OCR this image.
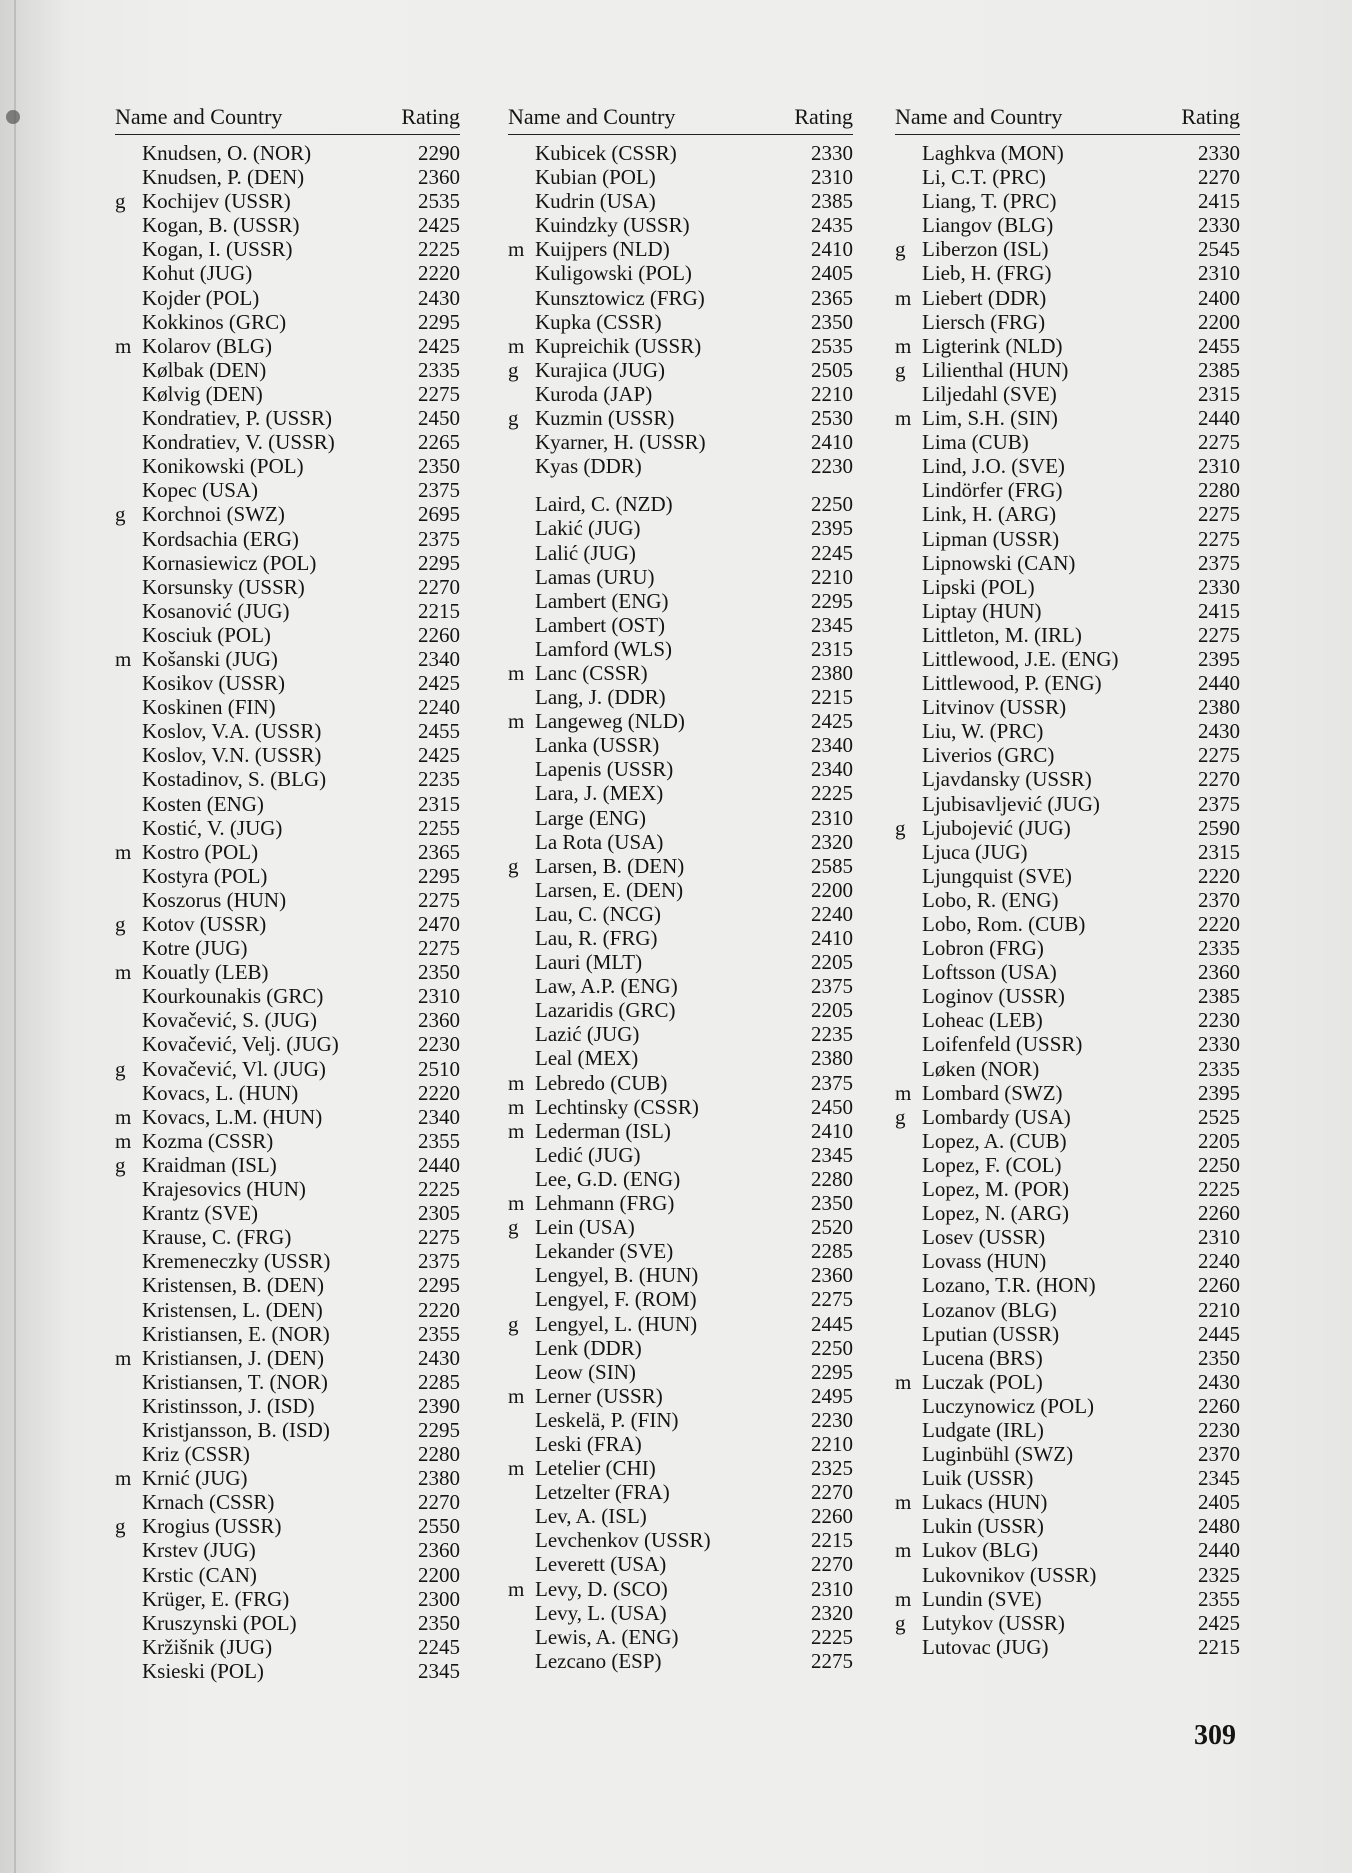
Name and Country	Rating
Knudsen, O. (NOR)	2290
Knudsen, P. (DEN)	2360
g Kochijev (USSR)	2535
Kogan, B. (USSR)	2425
Kogan, I. (USSR)	2225
Kohut (JUG)	2220
Kojder (POL)	2430
Kokkinos (GRC)	2295
m Kolarov (BLG)	2425
Kølbak (DEN)	2335
Kølvig (DEN)	2275
Kondratiev, P. (USSR)	2450
Kondratiev, V. (USSR)	2265
Konikowski (POL)	2350
Kopec (USA)	2375
g Korchnoi (SWZ)	2695
Kordsachia (ERG)	2375
Kornasiewicz (POL)	2295
Korsunsky (USSR)	2270
Kosanović (JUG)	2215
Kosciuk (POL)	2260
m Košanski (JUG)	2340
Kosikov (USSR)	2425
Koskinen (FIN)	2240
Koslov, V.A. (USSR)	2455
Koslov, V.N. (USSR)	2425
Kostadinov, S. (BLG)	2235
Kosten (ENG)	2315
Kostić, V. (JUG)	2255
m Kostro (POL)	2365
Kostyra (POL)	2295
Koszorus (HUN)	2275
g Kotov (USSR)	2470
Kotre (JUG)	2275
m Kouatly (LEB)	2350
Kourkounakis (GRC)	2310
Kovačević, S. (JUG)	2360
Kovačević, Velj. (JUG)	2230
g Kovačević, Vl. (JUG)	2510
Kovacs, L. (HUN)	2220
m Kovacs, L.M. (HUN)	2340
m Kozma (CSSR)	2355
g Kraidman (ISL)	2440
Krajesovics (HUN)	2225
Krantz (SVE)	2305
Krause, C. (FRG)	2275
Kremeneczky (USSR)	2375
Kristensen, B. (DEN)	2295
Kristensen, L. (DEN)	2220
Kristiansen, E. (NOR)	2355
m Kristiansen, J. (DEN)	2430
Kristiansen, T. (NOR)	2285
Kristinsson, J. (ISD)	2390
Kristjansson, B. (ISD)	2295
Kriz (CSSR)	2280
m Krnić (JUG)	2380
Krnach (CSSR)	2270
g Krogius (USSR)	2550
Krstev (JUG)	2360
Krstic (CAN)	2200
Krüger, E. (FRG)	2300
Kruszynski (POL)	2350
Kržišnik (JUG)	2245
Ksieski (POL)	2345
Name and Country	Rating
Kubicek (CSSR)	2330
Kubian (POL)	2310
Kudrin (USA)	2385
Kuindzky (USSR)	2435
m Kuijpers (NLD)	2410
Kuligowski (POL)	2405
Kunsztowicz (FRG)	2365
Kupka (CSSR)	2350
m Kupreichik (USSR)	2535
g Kurajica (JUG)	2505
Kuroda (JAP)	2210
g Kuzmin (USSR)	2530
Kyarner, H. (USSR)	2410
Kyas (DDR)	2230
Laird, C. (NZD)	2250
Lakić (JUG)	2395
Lalić (JUG)	2245
Lamas (URU)	2210
Lambert (ENG)	2295
Lambert (OST)	2345
Lamford (WLS)	2315
m Lanc (CSSR)	2380
Lang, J. (DDR)	2215
m Langeweg (NLD)	2425
Lanka (USSR)	2340
Lapenis (USSR)	2340
Lara, J. (MEX)	2225
Large (ENG)	2310
La Rota (USA)	2320
g Larsen, B. (DEN)	2585
Larsen, E. (DEN)	2200
Lau, C. (NCG)	2240
Lau, R. (FRG)	2410
Lauri (MLT)	2205
Law, A.P. (ENG)	2375
Lazaridis (GRC)	2205
Lazić (JUG)	2235
Leal (MEX)	2380
m Lebredo (CUB)	2375
m Lechtinsky (CSSR)	2450
m Lederman (ISL)	2410
Ledić (JUG)	2345
Lee, G.D. (ENG)	2280
m Lehmann (FRG)	2350
g Lein (USA)	2520
Lekander (SVE)	2285
Lengyel, B. (HUN)	2360
Lengyel, F. (ROM)	2275
g Lengyel, L. (HUN)	2445
Lenk (DDR)	2250
Leow (SIN)	2295
m Lerner (USSR)	2495
Leskelä, P. (FIN)	2230
Leski (FRA)	2210
m Letelier (CHI)	2325
Letzelter (FRA)	2270
Lev, A. (ISL)	2260
Levchenkov (USSR)	2215
Leverett (USA)	2270
m Levy, D. (SCO)	2310
Levy, L. (USA)	2320
Lewis, A. (ENG)	2225
Lezcano (ESP)	2275
Name and Country	Rating
Laghkva (MON)	2330
Li, C.T. (PRC)	2270
Liang, T. (PRC)	2415
Liangov (BLG)	2330
g Liberzon (ISL)	2545
Lieb, H. (FRG)	2310
m Liebert (DDR)	2400
Liersch (FRG)	2200
m Ligterink (NLD)	2455
g Lilienthal (HUN)	2385
Liljedahl (SVE)	2315
m Lim, S.H. (SIN)	2440
Lima (CUB)	2275
Lind, J.O. (SVE)	2310
Lindörfer (FRG)	2280
Link, H. (ARG)	2275
Lipman (USSR)	2275
Lipnowski (CAN)	2375
Lipski (POL)	2330
Liptay (HUN)	2415
Littleton, M. (IRL)	2275
Littlewood, J.E. (ENG)	2395
Littlewood, P. (ENG)	2440
Litvinov (USSR)	2380
Liu, W. (PRC)	2430
Liverios (GRC)	2275
Ljavdansky (USSR)	2270
Ljubisavljević (JUG)	2375
g Ljubojević (JUG)	2590
Ljuca (JUG)	2315
Ljungquist (SVE)	2220
Lobo, R. (ENG)	2370
Lobo, Rom. (CUB)	2220
Lobron (FRG)	2335
Loftsson (USA)	2360
Loginov (USSR)	2385
Loheac (LEB)	2230
Loifenfeld (USSR)	2330
Løken (NOR)	2335
m Lombard (SWZ)	2395
g Lombardy (USA)	2525
Lopez, A. (CUB)	2205
Lopez, F. (COL)	2250
Lopez, M. (POR)	2225
Lopez, N. (ARG)	2260
Losev (USSR)	2310
Lovass (HUN)	2240
Lozano, T.R. (HON)	2260
Lozanov (BLG)	2210
Lputian (USSR)	2445
Lucena (BRS)	2350
m Luczak (POL)	2430
Luczynowicz (POL)	2260
Ludgate (IRL)	2230
Luginbühl (SWZ)	2370
Luik (USSR)	2345
m Lukacs (HUN)	2405
Lukin (USSR)	2480
m Lukov (BLG)	2440
Lukovnikov (USSR)	2325
m Lundin (SVE)	2355
g Lutykov (USSR)	2425
Lutovac (JUG)	2215
309
